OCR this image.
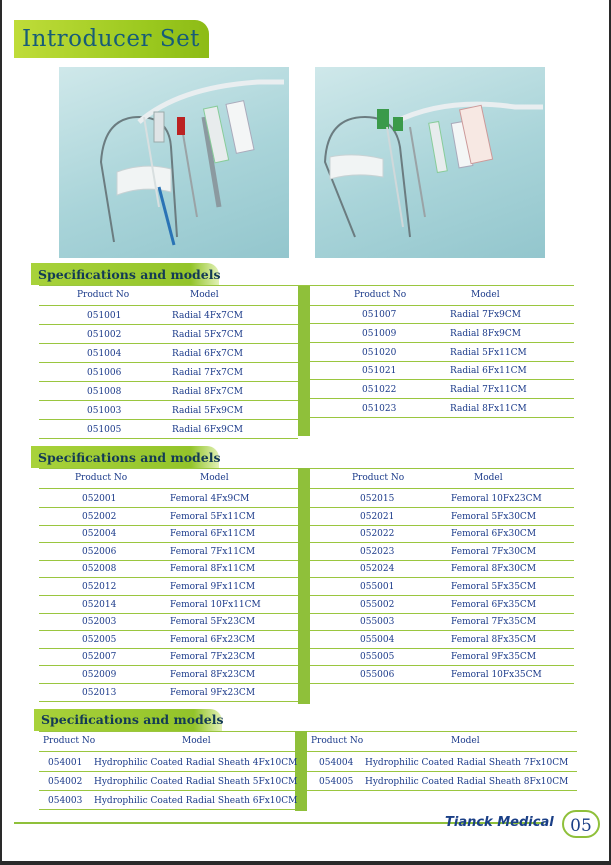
Introducer Set
Specifications and models
Product No	Model	Product No	Model
051001	Radial 4Fx7CM
051002	Radial 5Fx7CM
051004	Radial 6Fx7CM
051006	Radial 7Fx7CM
051008	Radial 8Fx7CM
051003	Radial 5Fx9CM
051005	Radial 6Fx9CM
051007	Radial 7Fx9CM
051009	Radial 8Fx9CM
051020	Radial 5Fx11CM
051021	Radial 6Fx11CM
051022	Radial 7Fx11CM
051023	Radial 8Fx11CM
Specifications and models
Product No	Model	Product No	Model
052001	Femoral 4Fx9CM
052002	Femoral 5Fx11CM
052004	Femoral 6Fx11CM
052006	Femoral 7Fx11CM
052008	Femoral 8Fx11CM
052012	Femoral 9Fx11CM
052014	Femoral 10Fx11CM
052003	Femoral 5Fx23CM
052005	Femoral 6Fx23CM
052007	Femoral 7Fx23CM
052009	Femoral 8Fx23CM
052013	Femoral 9Fx23CM
052015	Femoral 10Fx23CM
052021	Femoral 5Fx30CM
052022	Femoral 6Fx30CM
052023	Femoral 7Fx30CM
052024	Femoral 8Fx30CM
055001	Femoral 5Fx35CM
055002	Femoral 6Fx35CM
055003	Femoral 7Fx35CM
055004	Femoral 8Fx35CM
055005	Femoral 9Fx35CM
055006	Femoral 10Fx35CM
Specifications and models
Product No	Model	Product No	Model
054001 Hydrophilic Coated Radial Sheath 4Fx10CM
054002 Hydrophilic Coated Radial Sheath 5Fx10CM
054003 Hydrophilic Coated Radial Sheath 6Fx10CM
054004 Hydrophilic Coated Radial Sheath 7Fx10CM
054005 Hydrophilic Coated Radial Sheath 8Fx10CM
Tianck Medical 05
